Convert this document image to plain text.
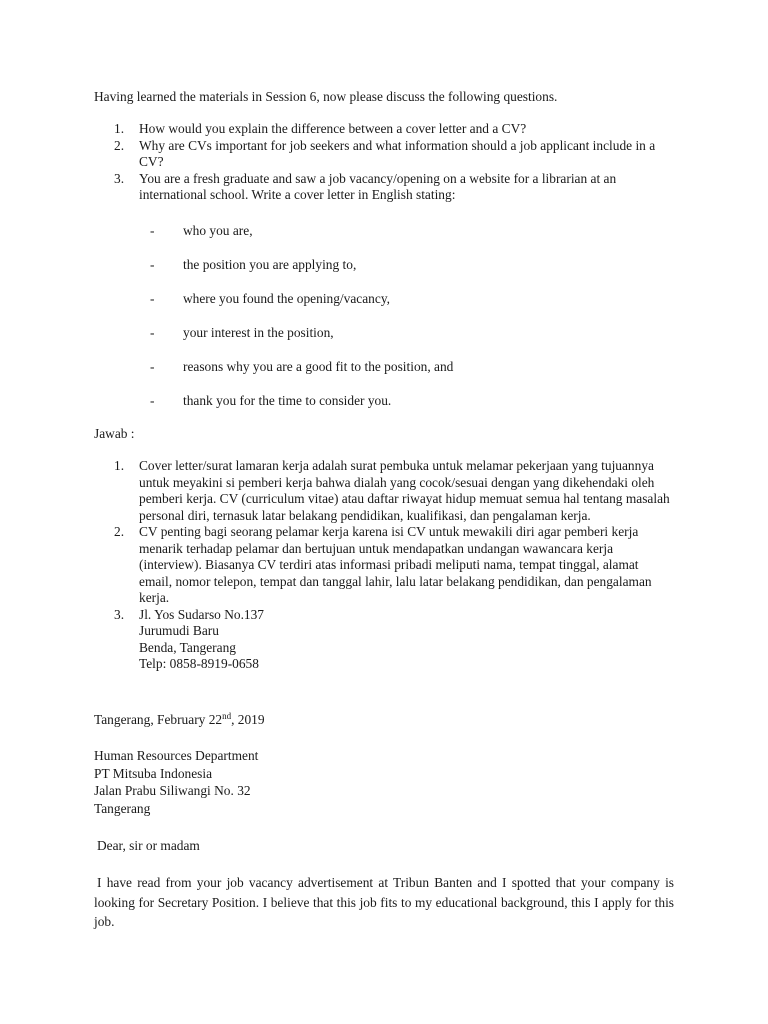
Having learned the materials in Session 6, now please discuss the following questions.
1. How would you explain the difference between a cover letter and a CV?
2. Why are CVs important for job seekers and what information should a job applicant include in a CV?
3. You are a fresh graduate and saw a job vacancy/opening on a website for a librarian at an international school. Write a cover letter in English stating:
- who you are,
- the position you are applying to,
- where you found the opening/vacancy,
- your interest in the position,
- reasons why you are a good fit to the position, and
- thank you for the time to consider you.
Jawab :
1. Cover letter/surat lamaran kerja adalah surat pembuka untuk melamar pekerjaan yang tujuannya untuk meyakini si pemberi kerja bahwa dialah yang cocok/sesuai dengan yang dikehendaki oleh pemberi kerja. CV (curriculum vitae) atau daftar riwayat hidup memuat semua hal tentang masalah personal diri, ternasuk latar belakang pendidikan, kualifikasi, dan pengalaman kerja.
2. CV penting bagi seorang pelamar kerja karena isi CV untuk mewakili diri agar pemberi kerja menarik terhadap pelamar dan bertujuan untuk mendapatkan undangan wawancara kerja (interview). Biasanya CV terdiri atas informasi pribadi meliputi nama, tempat tinggal, alamat email, nomor telepon, tempat dan tanggal lahir, lalu latar belakang pendidikan, dan pengalaman kerja.
3. Jl. Yos Sudarso No.137
Jurumudi Baru
Benda, Tangerang
Telp: 0858-8919-0658
Tangerang, February 22nd, 2019
Human Resources Department
PT Mitsuba Indonesia
Jalan Prabu Siliwangi No. 32
Tangerang
Dear, sir or madam
I have read from your job vacancy advertisement at Tribun Banten and I spotted that your company is looking for Secretary Position. I believe that this job fits to my educational background, this I apply for this job.
